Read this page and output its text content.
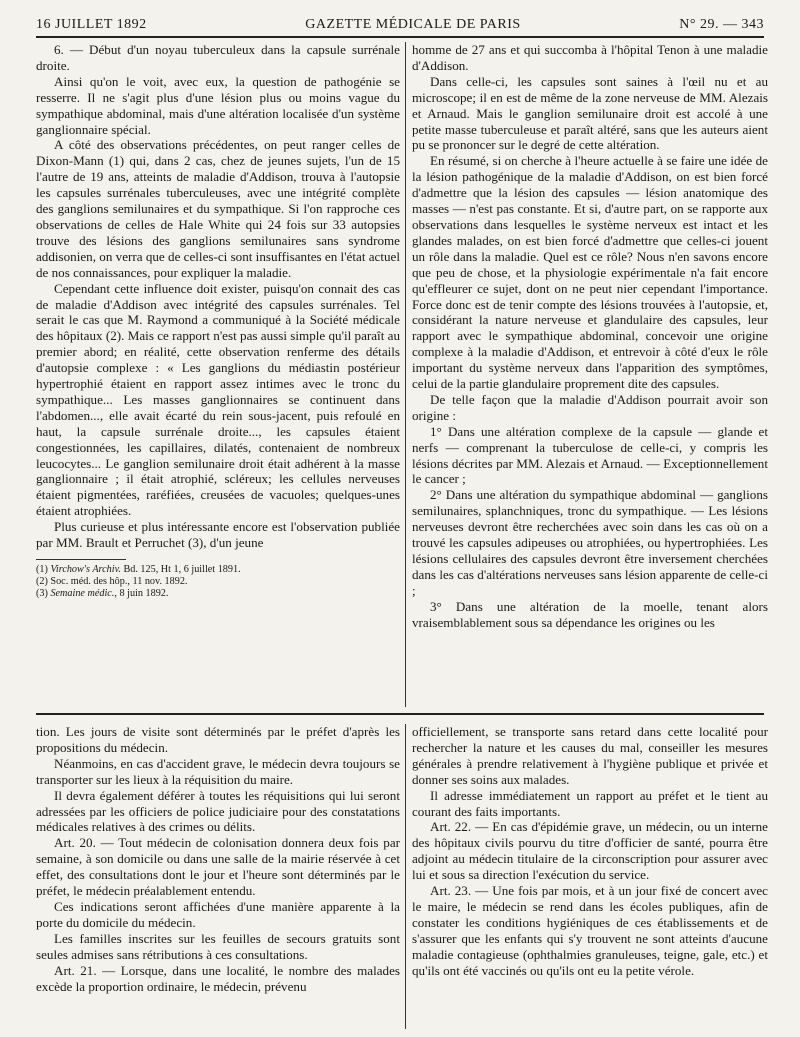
16 JUILLET 1892	GAZETTE MÉDICALE DE PARIS	N° 29. — 343

6. — Début d'un noyau tuberculeux dans la capsule surrénale droite.

Ainsi qu'on le voit, avec eux, la question de pathogénie se resserre. Il ne s'agit plus d'une lésion plus ou moins vague du sympathique abdominal, mais d'une altération localisée d'un système ganglionnaire spécial.

A côté des observations précédentes, on peut ranger celles de Dixon-Mann (1) qui, dans 2 cas, chez de jeunes sujets, l'un de 15 l'autre de 19 ans, atteints de maladie d'Addison, trouva à l'autopsie les capsules surrénales tuberculeuses, avec une intégrité complète des ganglions semilunaires et du sympathique. Si l'on rapproche ces observations de celles de Hale White qui 24 fois sur 33 autopsies trouve des lésions des ganglions semilunaires sans syndrome addisonien, on verra que de celles-ci sont insuffisantes en l'état actuel de nos connaissances, pour expliquer la maladie.

Cependant cette influence doit exister, puisqu'on connait des cas de maladie d'Addison avec intégrité des capsules surrénales. Tel serait le cas que M. Raymond a communiqué à la Société médicale des hôpitaux (2). Mais ce rapport n'est pas aussi simple qu'il paraît au premier abord; en réalité, cette observation renferme des détails d'autopsie complexe : « Les ganglions du médiastin postérieur hypertrophié étaient en rapport assez intimes avec le tronc du sympathique... Les masses ganglionnaires se continuent dans l'abdomen..., elle avait écarté du rein sous-jacent, puis refoulé en haut, la capsule surrénale droite..., les capsules étaient congestionnées, les capillaires, dilatés, contenaient de nombreux leucocytes... Le ganglion semilunaire droit était adhérent à la masse ganglionnaire ; il était atrophié, scléreux; les cellules nerveuses étaient pigmentées, raréfiées, creusées de vacuoles; quelques-unes étaient atrophiées.

Plus curieuse et plus intéressante encore est l'observation publiée par MM. Brault et Perruchet (3), d'un jeune

(1) Virchow's Archiv. Bd. 125, Ht 1, 6 juillet 1891.
(2) Soc. méd. des hôp., 11 nov. 1892.
(3) Semaine médic., 8 juin 1892.

homme de 27 ans et qui succomba à l'hôpital Tenon à une maladie d'Addison.

Dans celle-ci, les capsules sont saines à l'œil nu et au microscope; il en est de même de la zone nerveuse de MM. Alezais et Arnaud. Mais le ganglion semilunaire droit est accolé à une petite masse tuberculeuse et paraît altéré, sans que les auteurs aient pu se prononcer sur le degré de cette altération.

En résumé, si on cherche à l'heure actuelle à se faire une idée de la lésion pathogénique de la maladie d'Addison, on est bien forcé d'admettre que la lésion des capsules — lésion anatomique des masses — n'est pas constante. Et si, d'autre part, on se rapporte aux observations dans lesquelles le système nerveux est intact et les glandes malades, on est bien forcé d'admettre que celles-ci jouent un rôle dans la maladie. Quel est ce rôle? Nous n'en savons encore que peu de chose, et la physiologie expérimentale n'a fait encore qu'effleurer ce sujet, dont on ne peut nier cependant l'importance. Force donc est de tenir compte des lésions trouvées à l'autopsie, et, considérant la nature nerveuse et glandulaire des capsules, leur rapport avec le sympathique abdominal, concevoir une origine complexe à la maladie d'Addison, et entrevoir à côté d'eux le rôle important du système nerveux dans l'apparition des symptômes, celui de la partie glandulaire proprement dite des capsules.

De telle façon que la maladie d'Addison pourrait avoir son origine :

1° Dans une altération complexe de la capsule — glande et nerfs — comprenant la tuberculose de celle-ci, y compris les lésions décrites par MM. Alezais et Arnaud. — Exceptionnellement le cancer ;

2° Dans une altération du sympathique abdominal — ganglions semilunaires, splanchniques, tronc du sympathique. — Les lésions nerveuses devront être recherchées avec soin dans les cas où on a trouvé les capsules adipeuses ou atrophiées, ou hypertrophiées. Les lésions cellulaires des capsules devront être inversement cherchées dans les cas d'altérations nerveuses sans lésion apparente de celle-ci ;

3° Dans une altération de la moelle, tenant alors vraisemblablement sous sa dépendance les origines ou les

tion. Les jours de visite sont déterminés par le préfet d'après les propositions du médecin.

Néanmoins, en cas d'accident grave, le médecin devra toujours se transporter sur les lieux à la réquisition du maire.

Il devra également déférer à toutes les réquisitions qui lui seront adressées par les officiers de police judiciaire pour des constatations médicales relatives à des crimes ou délits.

Art. 20. — Tout médecin de colonisation donnera deux fois par semaine, à son domicile ou dans une salle de la mairie réservée à cet effet, des consultations dont le jour et l'heure sont déterminés par le préfet, le médecin préalablement entendu.

Ces indications seront affichées d'une manière apparente à la porte du domicile du médecin.

Les familles inscrites sur les feuilles de secours gratuits sont seules admises sans rétributions à ces consultations.

Art. 21. — Lorsque, dans une localité, le nombre des malades excède la proportion ordinaire, le médecin, prévenu

officiellement, se transporte sans retard dans cette localité pour rechercher la nature et les causes du mal, conseiller les mesures générales à prendre relativement à l'hygiène publique et privée et donner ses soins aux malades.

Il adresse immédiatement un rapport au préfet et le tient au courant des faits importants.

Art. 22. — En cas d'épidémie grave, un médecin, ou un interne des hôpitaux civils pourvu du titre d'officier de santé, pourra être adjoint au médecin titulaire de la circonscription pour assurer avec lui et sous sa direction l'exécution du service.

Art. 23. — Une fois par mois, et à un jour fixé de concert avec le maire, le médecin se rend dans les écoles publiques, afin de constater les conditions hygiéniques de ces établissements et de s'assurer que les enfants qui s'y trouvent ne sont atteints d'aucune maladie contagieuse (ophthalmies granuleuses, teigne, gale, etc.) et qu'ils ont été vaccinés ou qu'ils ont eu la petite vérole.
